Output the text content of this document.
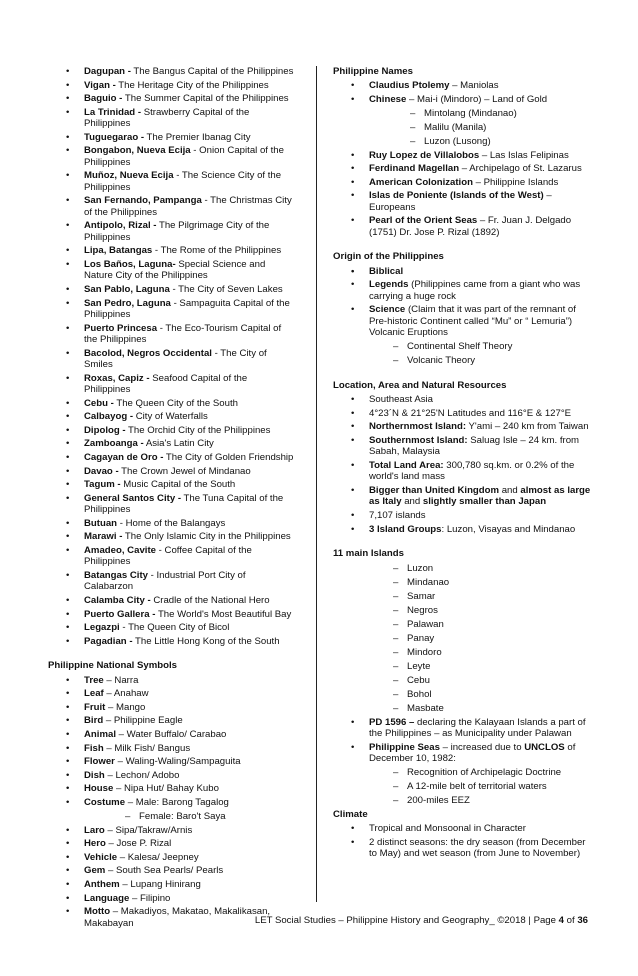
• Dagupan - The Bangus Capital of the Philippines
• Vigan - The Heritage City of the Philippines
• Baguio - The Summer Capital of the Philippines
• La Trinidad - Strawberry Capital of the Philippines
• Tuguegarao - The Premier Ibanag City
• Bongabon, Nueva Ecija - Onion Capital of the Philippines
• Muñoz, Nueva Ecija - The Science City of the Philippines
• San Fernando, Pampanga - The Christmas City of the Philippines
• Antipolo, Rizal - The Pilgrimage City of the Philippines
• Lipa, Batangas - The Rome of the Philippines
• Los Baños, Laguna- Special Science and Nature City of the Philippines
• San Pablo, Laguna - The City of Seven Lakes
• San Pedro, Laguna - Sampaguita Capital of the Philippines
• Puerto Princesa - The Eco-Tourism Capital of the Philippines
• Bacolod, Negros Occidental - The City of Smiles
• Roxas, Capiz - Seafood Capital of the Philippines
• Cebu - The Queen City of the South
• Calbayog - City of Waterfalls
• Dipolog - The Orchid City of the Philippines
• Zamboanga - Asia's Latin City
• Cagayan de Oro - The City of Golden Friendship
• Davao - The Crown Jewel of Mindanao
• Tagum - Music Capital of the South
• General Santos City - The Tuna Capital of the Philippines
• Butuan - Home of the Balangays
• Marawi - The Only Islamic City in the Philippines
• Amadeo, Cavite - Coffee Capital of the Philippines
• Batangas City - Industrial Port City of Calabarzon
• Calamba City - Cradle of the National Hero
• Puerto Gallera - The World's Most Beautiful Bay
• Legazpi - The Queen City of Bicol
• Pagadian - The Little Hong Kong of the South
Philippine National Symbols
• Tree – Narra
• Leaf – Anahaw
• Fruit – Mango
• Bird – Philippine Eagle
• Animal – Water Buffalo/ Carabao
• Fish – Milk Fish/ Bangus
• Flower – Waling-Waling/Sampaguita
• Dish – Lechon/ Adobo
• House – Nipa Hut/ Bahay Kubo
• Costume – Male: Barong Tagalog
– Female: Baro't Saya
• Laro – Sipa/Takraw/Arnis
• Hero – Jose P. Rizal
• Vehicle – Kalesa/ Jeepney
• Gem – South Sea Pearls/ Pearls
• Anthem – Lupang Hinirang
• Language – Filipino
• Motto – Makadiyos, Makatao, Makalikasan, Makabayan
Philippine Names
• Claudius Ptolemy – Maniolas
• Chinese – Mai-i (Mindoro) – Land of Gold
– Mintolang (Mindanao)
– Malilu (Manila)
– Luzon (Lusong)
• Ruy Lopez de Villalobos – Las Islas Felipinas
• Ferdinand Magellan – Archipelago of St. Lazarus
• American Colonization – Philippine Islands
• Islas de Poniente (Islands of the West) – Europeans
• Pearl of the Orient Seas – Fr. Juan J. Delgado (1751) Dr. Jose P. Rizal (1892)
Origin of the Philippines
• Biblical
• Legends (Philippines came from a giant who was carrying a huge rock
• Science (Claim that it was part of the remnant of Pre-historic Continent called “Mu” or “ Lemuria”) Volcanic Eruptions
– Continental Shelf Theory
– Volcanic Theory
Location, Area and Natural Resources
• Southeast Asia
• 4°23´N & 21°25'N Latitudes and 116°E & 127°E
• Northernmost Island: Y'ami – 240 km from Taiwan
• Southernmost Island: Saluag Isle – 24 km. from Sabah, Malaysia
• Total Land Area: 300,780 sq.km. or 0.2% of the world's land mass
• Bigger than United Kingdom and almost as large as Italy and slightly smaller than Japan
• 7,107 islands
• 3 Island Groups: Luzon, Visayas and Mindanao
11 main Islands
– Luzon
– Mindanao
– Samar
– Negros
– Palawan
– Panay
– Mindoro
– Leyte
– Cebu
– Bohol
– Masbate
• PD 1596 – declaring the Kalayaan Islands a part of the Philippines – as Municipality under Palawan
• Philippine Seas – increased due to UNCLOS of December 10, 1982:
– Recognition of Archipelagic Doctrine
– A 12-mile belt of territorial waters
– 200-miles EEZ
Climate
• Tropical and Monsoonal in Character
• 2 distinct seasons: the dry season (from December to May) and wet season (from June to November)
LET Social Studies – Philippine History and Geography_ ©2018 | Page 4 of 36
